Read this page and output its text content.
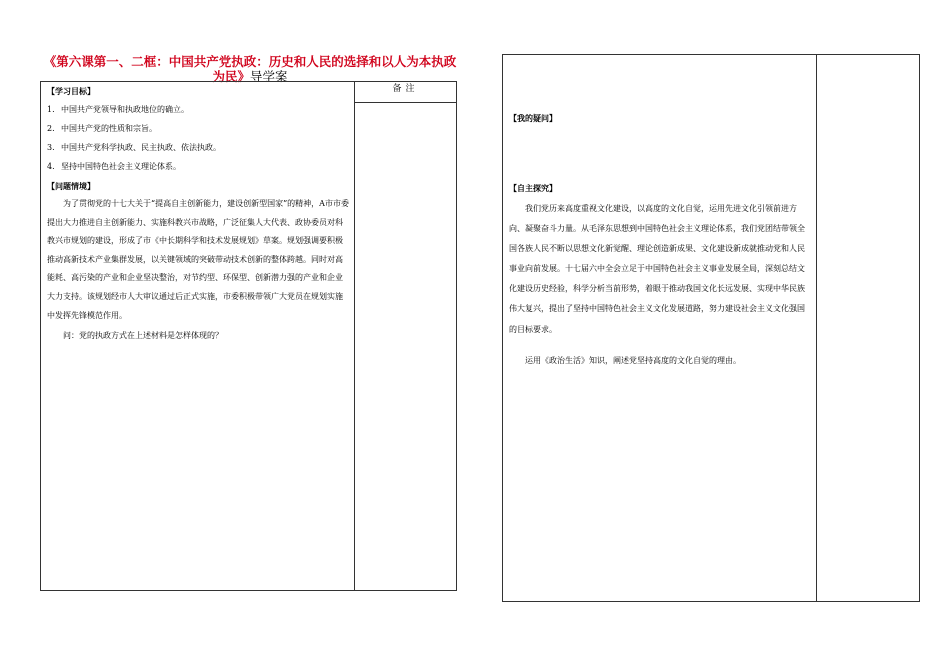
《第六课第一、二框：中国共产党执政：历史和人民的选择和以人为本执政为民》导学案
备注

【学习目标】

1. 中国共产党领导和执政地位的确立。

2. 中国共产党的性质和宗旨。

3. 中国共产党科学执政、民主执政、依法执政。

4. 坚持中国特色社会主义理论体系。

【问题情境】

为了贯彻党的十七大关于“提高自主创新能力，建设创新型国家”的精神，A市市委提出大力推进自主创新能力、实施科教兴市战略，广泛征集人大代表、政协委员对科教兴市规划的建设，形成了市《中长期科学和技术发展规划》草案。规划强调要积极推动高新技术产业集群发展，以关键领域的突破带动技术创新的整体跨越。同时对高能耗、高污染的产业和企业坚决整治，对节约型、环保型、创新潜力强的产业和企业大力支持。该规划经市人大审议通过后正式实施，市委积极带领广大党员在规划实施中发挥先锋模范作用。

问：党的执政方式在上述材料是怎样体现的？

【我的疑问】
【自主探究】

我们党历来高度重视文化建设，以高度的文化自觉，运用先进文化引领前进方向、凝聚奋斗力量。从毛泽东思想到中国特色社会主义理论体系，我们党团结带领全国各族人民不断以思想文化新觉醒、理论创造新成果、文化建设新成就推动党和人民事业向前发展。十七届六中全会立足于中国特色社会主义事业发展全局，深刻总结文化建设历史经验，科学分析当前形势，着眼于推动我国文化长远发展、实现中华民族伟大复兴，提出了坚持中国特色社会主义文化发展道路，努力建设社会主义文化强国的目标要求。

运用《政治生活》知识，阐述党坚持高度的文化自觉的理由。
